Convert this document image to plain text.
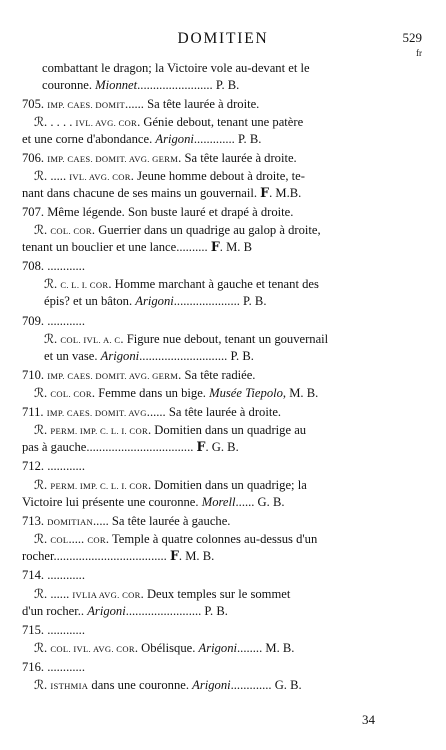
DOMITIEN	529
fr
combattant le dragon; la Victoire vole au-devant et le
couronne. Mionnet........................ P. B.
705. IMP. CAES. DOMIT...... Sa tête laurée à droite.
ℛ. . . . . IVL. AVG. COR. Génie debout, tenant une patère
et une corne d'abondance. Arigoni............. P. B.
706. IMP. CAES. DOMIT. AVG. GERM. Sa tête laurée à droite.
ℛ. ..... IVL. AVG. COR. Jeune homme debout à droite, te-
nant dans chacune de ses mains un gouvernail. 𝐅. M.B.
707. Même légende. Son buste lauré et drapé à droite.
ℛ. COL. COR. Guerrier dans un quadrige au galop à droite,
tenant un bouclier et une lance.......... 𝐅. M. B
708. ............
ℛ. C. L. I. COR. Homme marchant à gauche et tenant des
épis? et un bâton. Arigoni..................... P. B.
709. ............
ℛ. COL. IVL. A. C. Figure nue debout, tenant un gouvernail
et un vase. Arigoni............................ P. B.
710. IMP. CAES. DOMIT. AVG. GERM. Sa tête radiée.
ℛ. COL. COR. Femme dans un bige. Musée Tiepolo, M. B.
711. IMP. CAES. DOMIT. AVG...... Sa tête laurée à droite.
ℛ. PERM. IMP. C. L. I. COR. Domitien dans un quadrige au
pas à gauche.................................. 𝐅. G. B.
712. ............
ℛ. PERM. IMP. C. L. I. COR. Domitien dans un quadrige; la
Victoire lui présente une couronne. Morell...... G. B.
713. DOMITIAN..... Sa tête laurée à gauche.
ℛ. COL..... COR. Temple à quatre colonnes au-dessus d'un
rocher.................................... 𝐅. M. B.
714. ............
ℛ. ...... IVLIA AVG. COR. Deux temples sur le sommet
d'un rocher.. Arigoni........................ P. B.
715. ............
ℛ. COL. IVL. AVG. COR. Obélisque. Arigoni........ M. B.
716. ............
ℛ. ISTHMIA dans une couronne. Arigoni............. G. B.
34
